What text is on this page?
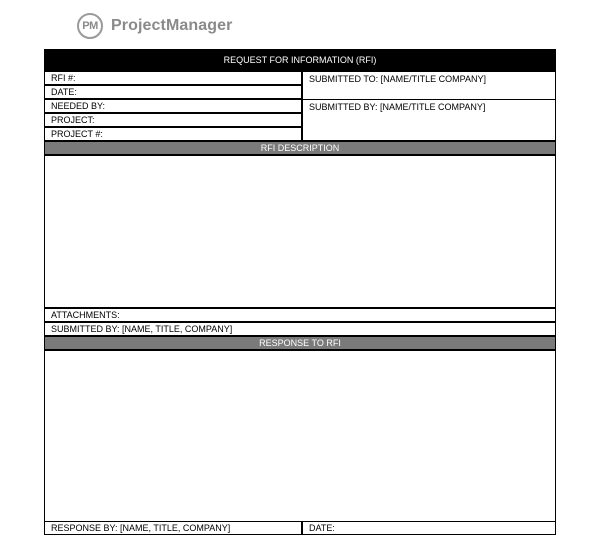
PM ProjectManager
REQUEST FOR INFORMATION (RFI)
RFI #:
DATE:
NEEDED BY:
PROJECT:
PROJECT #:
SUBMITTED TO: [NAME/TITLE COMPANY]
SUBMITTED BY: [NAME/TITLE COMPANY]
RFI DESCRIPTION
ATTACHMENTS:
SUBMITTED BY: [NAME, TITLE, COMPANY]
RESPONSE TO RFI
RESPONSE BY: [NAME, TITLE, COMPANY]	DATE:
